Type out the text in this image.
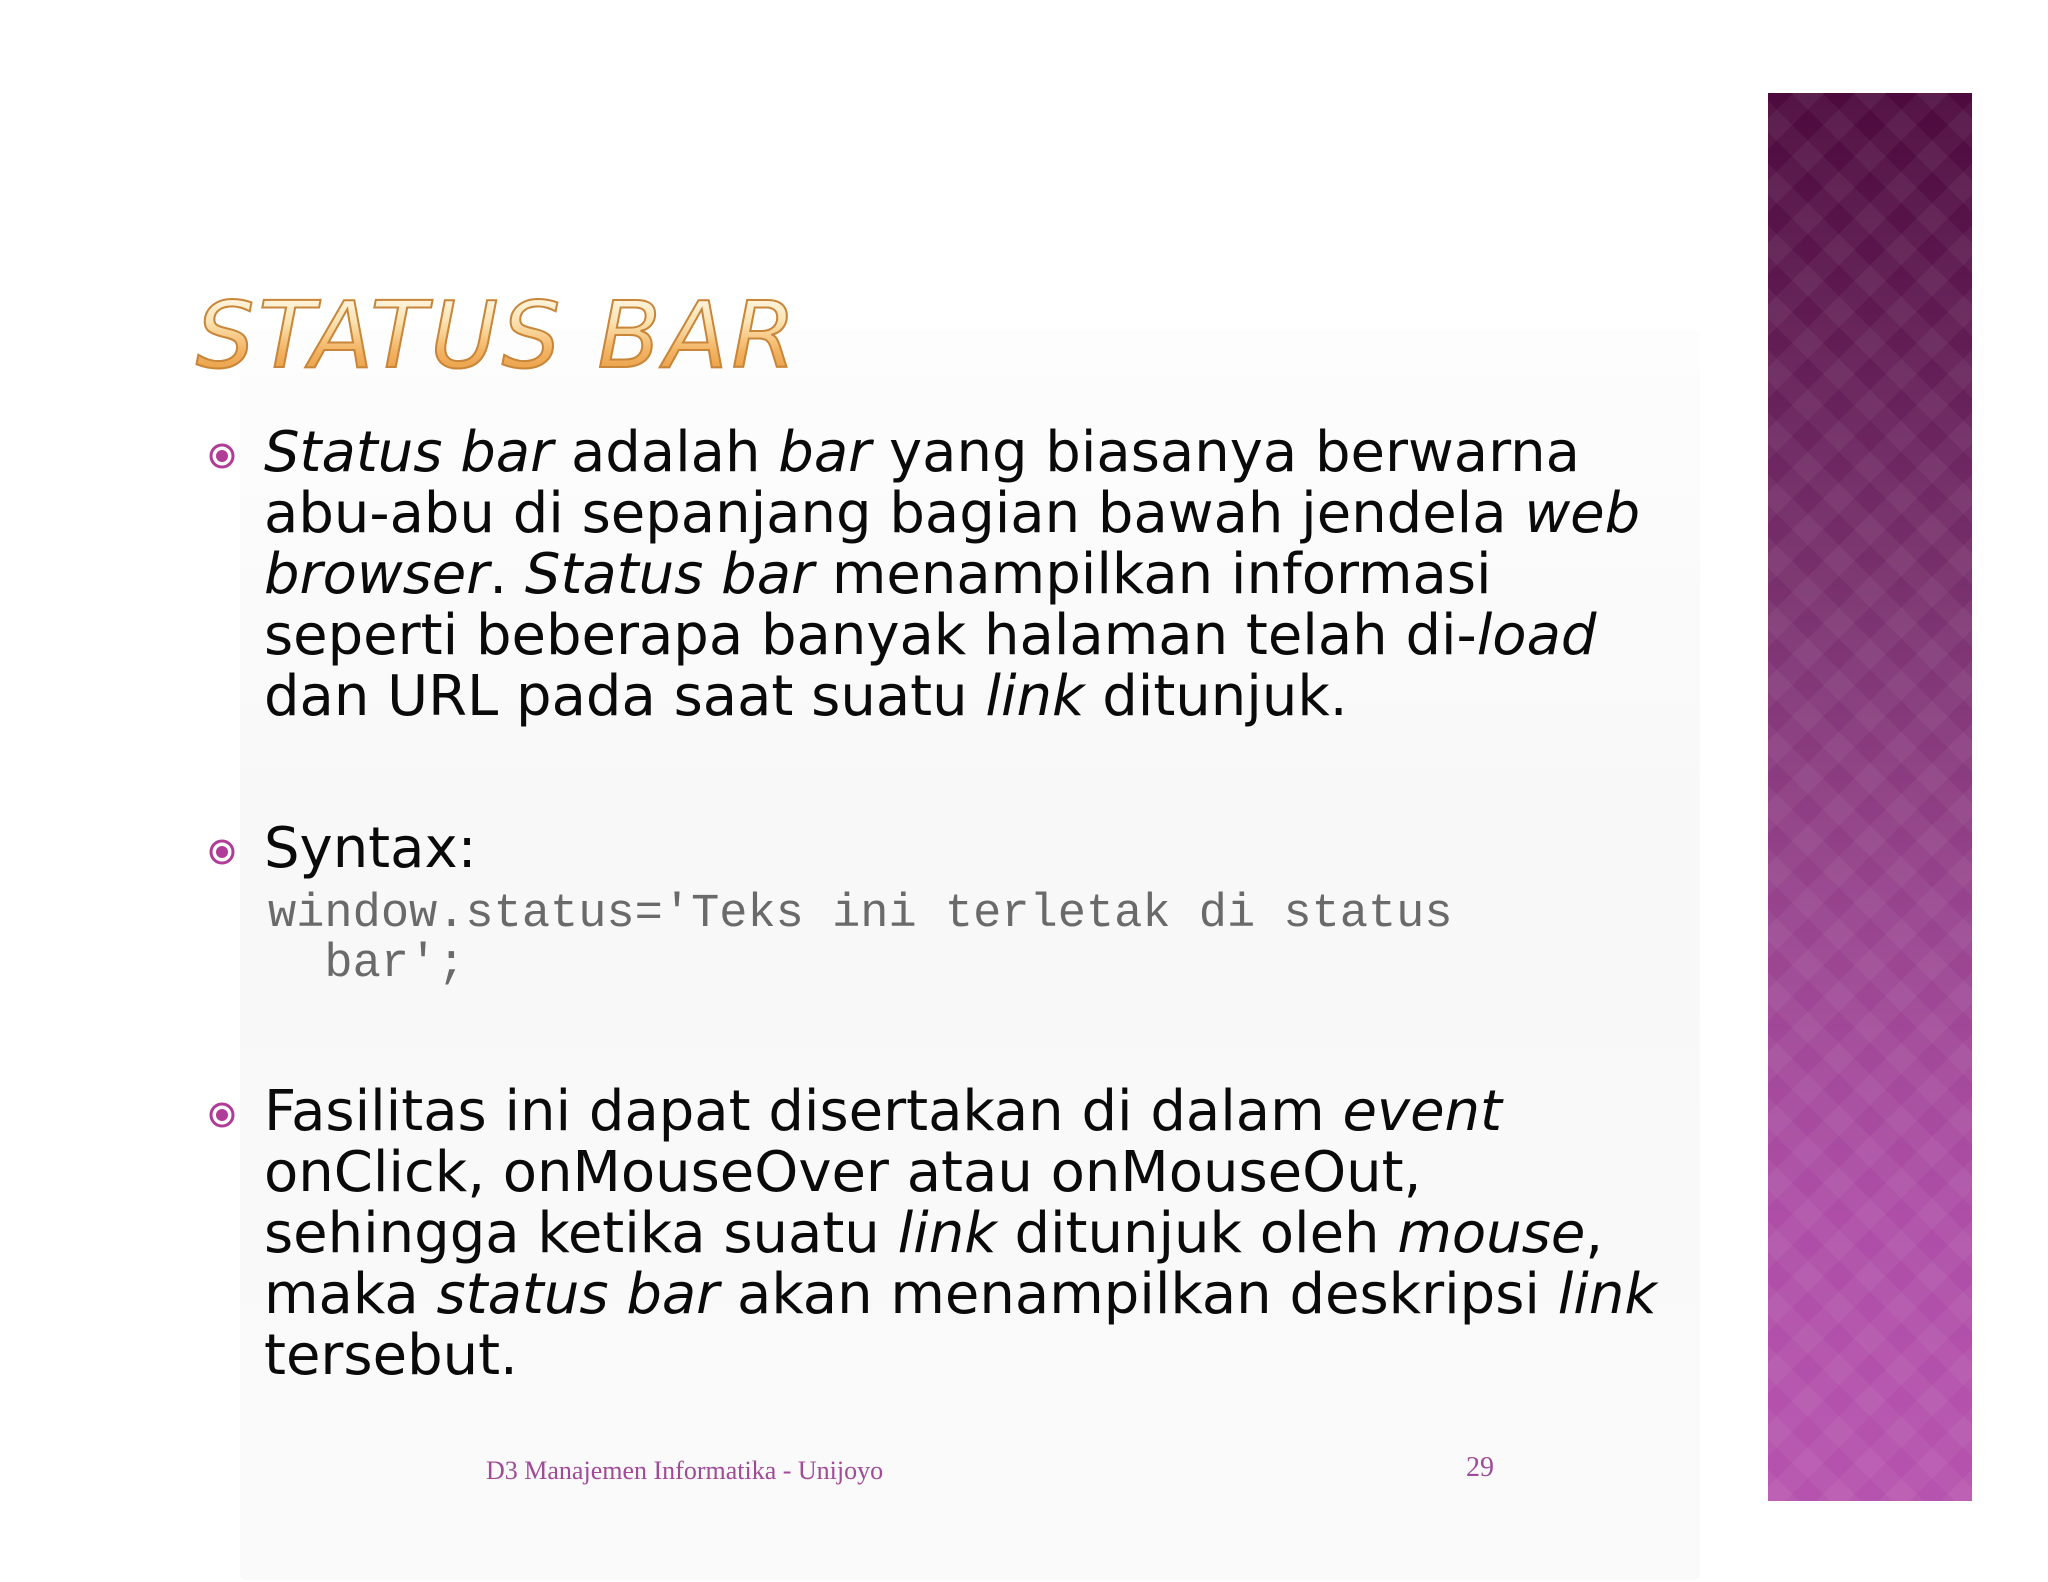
STATUS BAR

Status bar adalah bar yang biasanya berwarna abu-abu di sepanjang bagian bawah jendela web browser. Status bar menampilkan informasi seperti beberapa banyak halaman telah di-load dan URL pada saat suatu link ditunjuk.

Syntax:

window.status='Teks ini terletak di status
bar';

Fasilitas ini dapat disertakan di dalam event onClick, onMouseOver atau onMouseOut, sehingga ketika suatu link ditunjuk oleh mouse, maka status bar akan menampilkan deskripsi link tersebut.

D3 Manajemen Informatika - Unijoyo	29
